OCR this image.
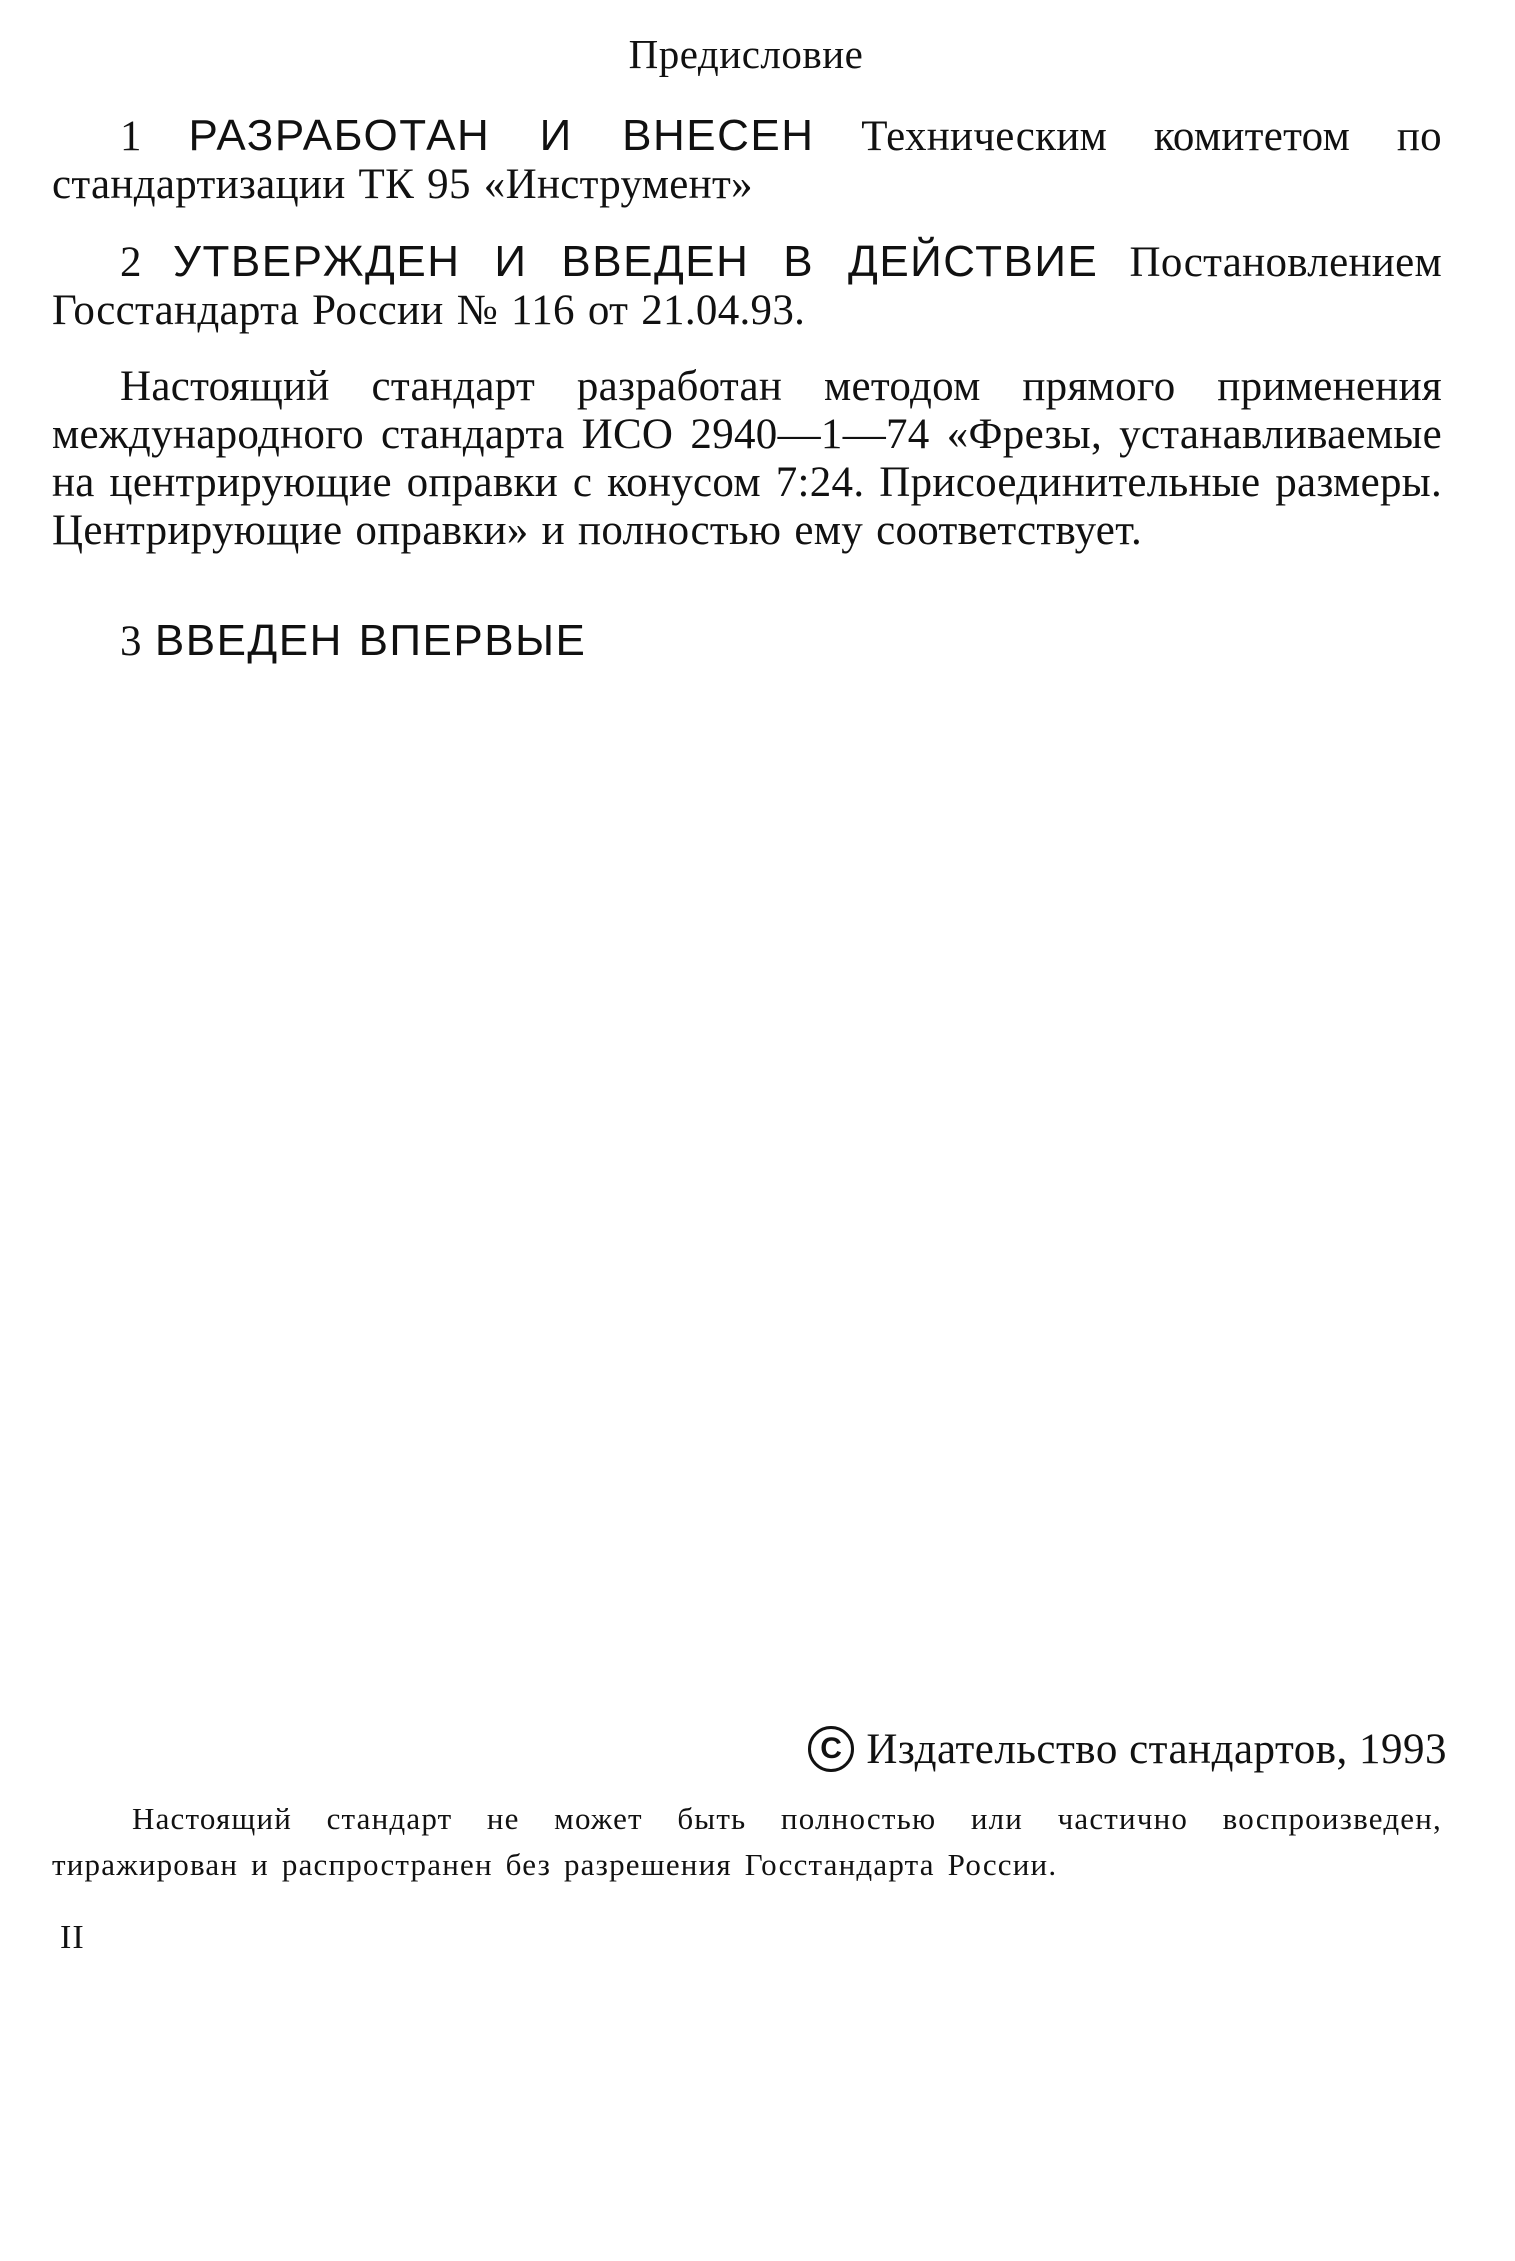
Предисловие
1 РАЗРАБОТАН И ВНЕСЕН Техническим комитетом по стандартизации ТК 95 «Инструмент»
2 УТВЕРЖДЕН И ВВЕДЕН В ДЕЙСТВИЕ Постановлением Госстандарта России № 116 от 21.04.93.
Настоящий стандарт разработан методом прямого применения международного стандарта ИСО 2940—1—74 «Фрезы, устанавливаемые на центрирующие оправки с конусом 7:24. Присоединительные размеры. Центрирующие оправки» и полностью ему соответствует.
3 ВВЕДЕН ВПЕРВЫЕ
C Издательство стандартов, 1993
Настоящий стандарт не может быть полностью или частично воспроизведен, тиражирован и распространен без разрешения Госстандарта России.
II
